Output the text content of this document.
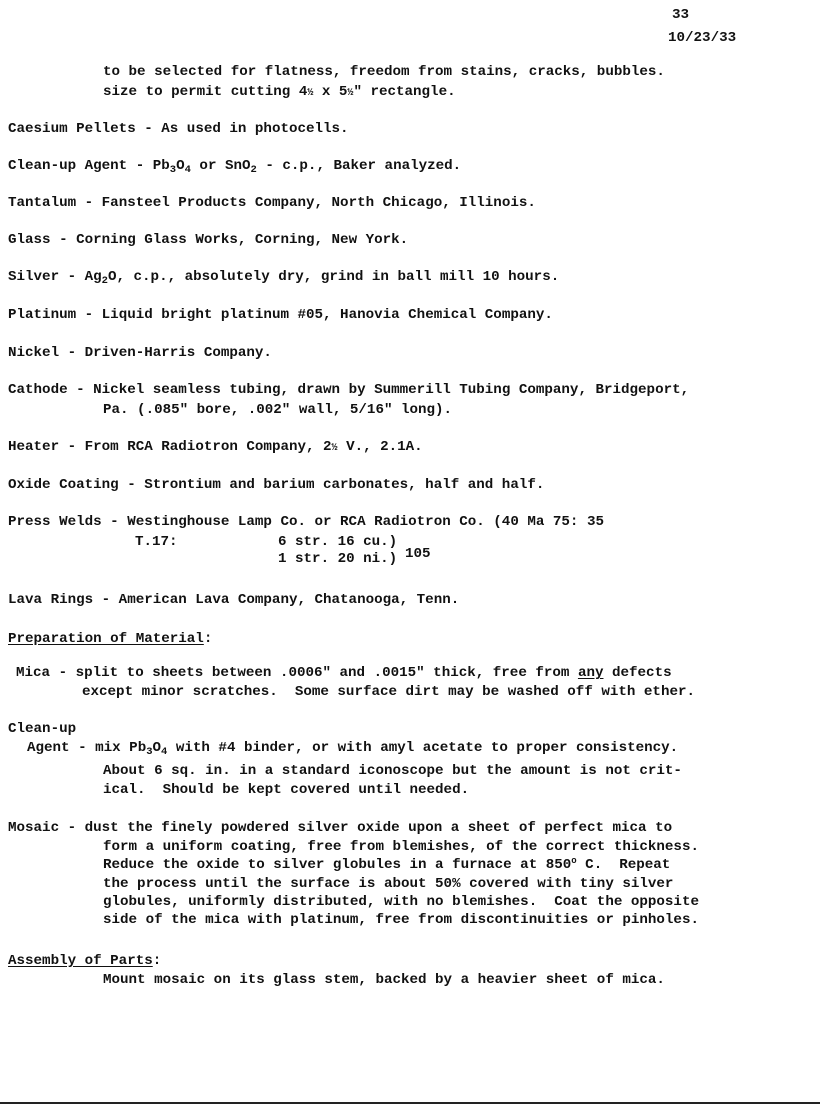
33
10/23/33
to be selected for flatness, freedom from stains, cracks, bubbles.
size to permit cutting 4½ x 5½" rectangle.
Caesium Pellets - As used in photocells.
Clean-up Agent - $Pb_3O_4$ or SnO$_2$ - c.p., Baker analyzed.
Tantalum - Fansteel Products Company, North Chicago, Illinois.
Glass - Corning Glass Works, Corning, New York.
Silver - $Ag_2O$, c.p., absolutely dry, grind in ball mill 10 hours.
Platinum - Liquid bright platinum #05, Hanovia Chemical Company.
Nickel - Driven-Harris Company.
Cathode - Nickel seamless tubing, drawn by Summerill Tubing Company, Bridgeport,
Pa. (.085" bore, .002" wall, 5/16" long).
Heater - From RCA Radiotron Company, 2½ V., 2.1A.
Oxide Coating - Strontium and barium carbonates, half and half.
Press Welds - Westinghouse Lamp Co. or RCA Radiotron Co. (40 Ma 75: 35
T.17:	6 str. 16 cu.)
1 str. 20 ni.) 105
Lava Rings - American Lava Company, Chatanooga, Tenn.
Preparation of Material:
Mica - split to sheets between .0006" and .0015" thick, free from any defects
except minor scratches.  Some surface dirt may be washed off with ether.
Clean-up
Agent - mix $Pb_3O_4$ with #4 binder, or with amyl acetate to proper consistency.
About 6 sq. in. in a standard iconoscope but the amount is not crit-
ical.  Should be kept covered until needed.
Mosaic - dust the finely powdered silver oxide upon a sheet of perfect mica to
form a uniform coating, free from blemishes, of the correct thickness.
Reduce the oxide to silver globules in a furnace at 850$^o$ C.  Repeat
the process until the surface is about 50% covered with tiny silver
globules, uniformly distributed, with no blemishes.  Coat the opposite
side of the mica with platinum, free from discontinuities or pinholes.
Assembly of Parts:
Mount mosaic on its glass stem, backed by a heavier sheet of mica.
